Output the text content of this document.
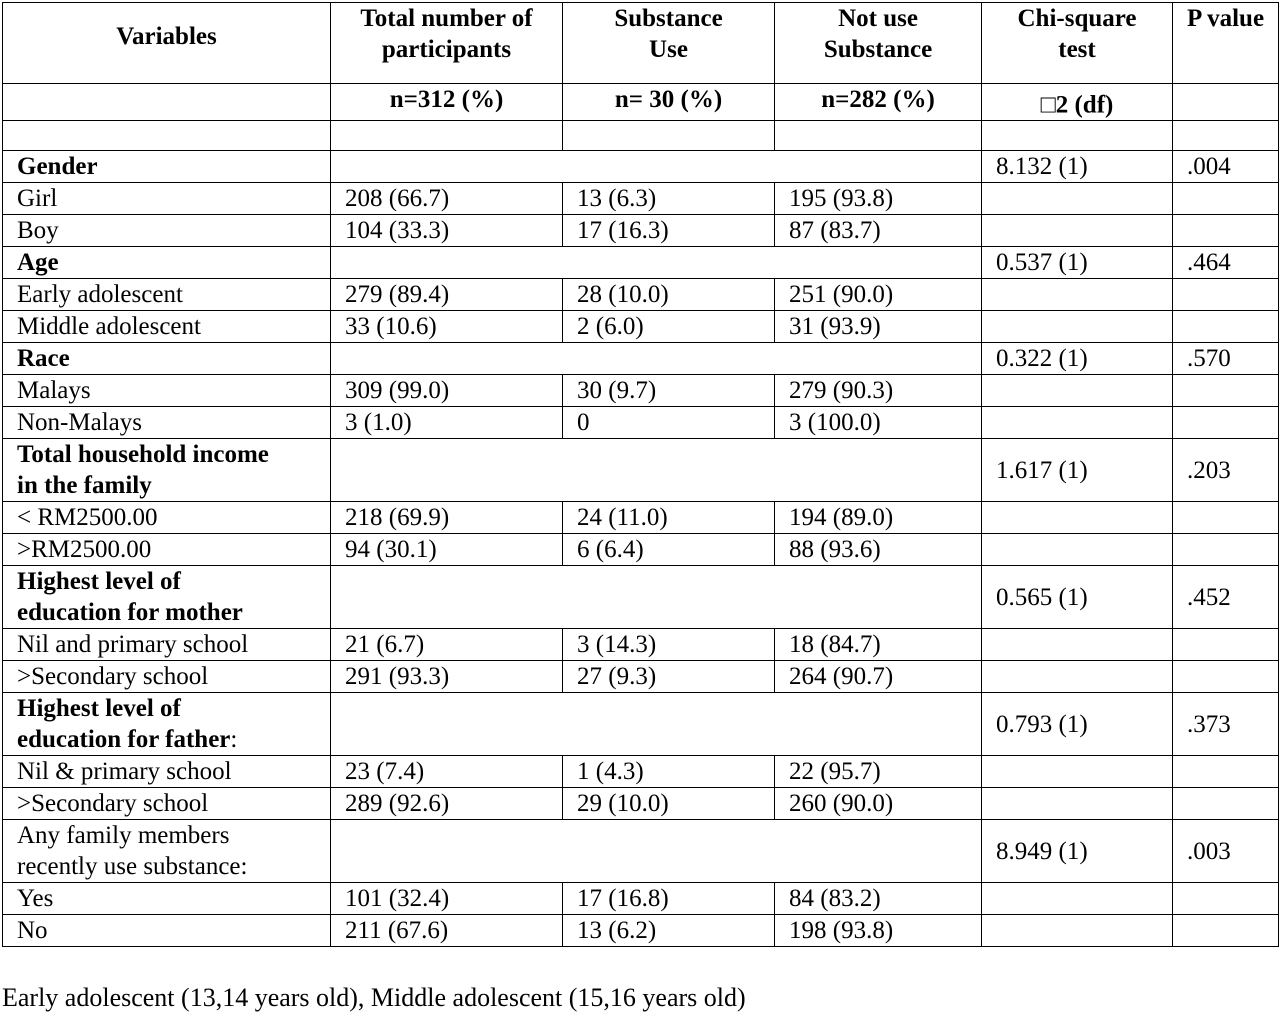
Variables	Total number of participants	Substance Use	Not use Substance	Chi-square test	P value
	n=312 (%)	n= 30 (%)	n=282 (%)	□2 (df)	

Gender				8.132 (1)	.004
Girl	208 (66.7)	13 (6.3)	195 (93.8)		
Boy	104 (33.3)	17 (16.3)	87 (83.7)		
Age				0.537 (1)	.464
Early adolescent	279 (89.4)	28 (10.0)	251 (90.0)		
Middle adolescent	33 (10.6)	2 (6.0)	31 (93.9)		
Race				0.322 (1)	.570
Malays	309 (99.0)	30 (9.7)	279 (90.3)		
Non-Malays	3 (1.0)	0	3 (100.0)		
Total household income
in the family				1.617 (1)	.203
< RM2500.00	218 (69.9)	24 (11.0)	194 (89.0)		
>RM2500.00	94 (30.1)	6 (6.4)	88 (93.6)		
Highest level of
education for mother				0.565 (1)	.452
Nil and primary school	21 (6.7)	3 (14.3)	18 (84.7)		
>Secondary school	291 (93.3)	27 (9.3)	264 (90.7)		
Highest level of
education for father:				0.793 (1)	.373
Nil & primary school	23 (7.4)	1 (4.3)	22 (95.7)		
>Secondary school	289 (92.6)	29 (10.0)	260 (90.0)		
Any family members
recently use substance:				8.949 (1)	.003
Yes	101 (32.4)	17 (16.8)	84 (83.2)		
No	211 (67.6)	13 (6.2)	198 (93.8)		
Early adolescent (13,14 years old), Middle adolescent (15,16 years old)
